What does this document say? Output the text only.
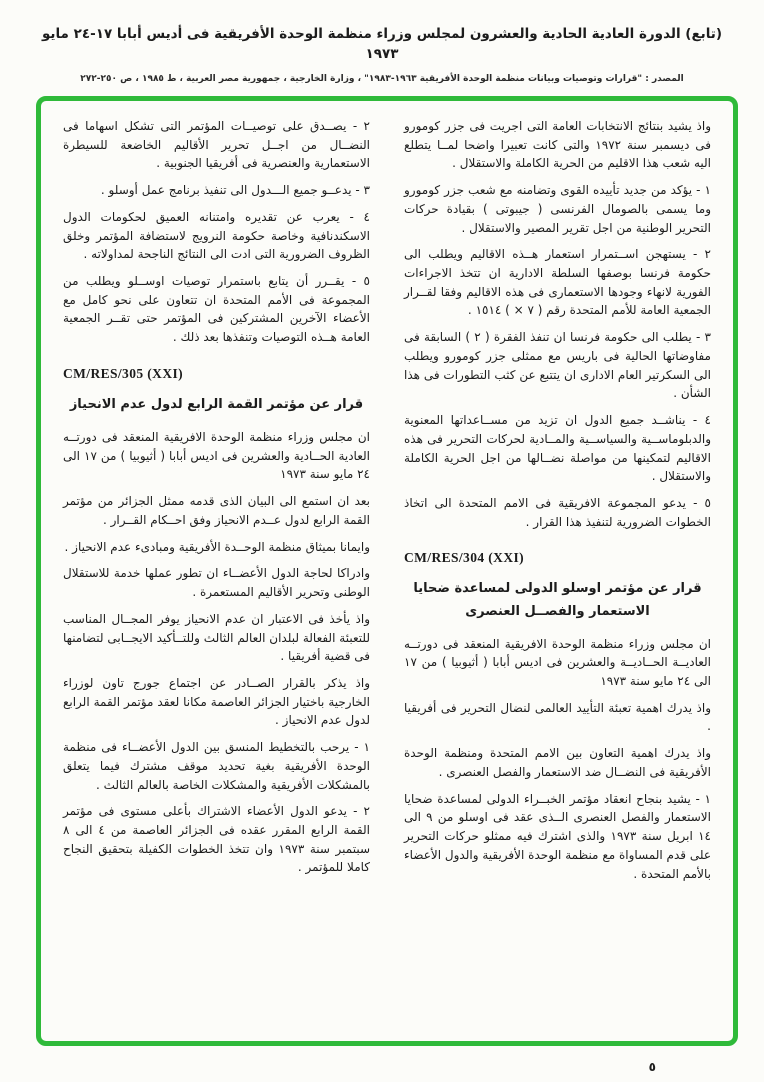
(تابع) الدورة العادية الحادية والعشرون لمجلس وزراء منظمة الوحدة الأفريقية فى أديس أبابا ١٧-٢٤ مايو ١٩٧٣
المصدر : "قرارات وتوصيات وبيانات منظمة الوحدة الأفريقية ١٩٦٣-١٩٨٣" ، وزارة الخارجية ، جمهورية مصر العربية ، ط ١٩٨٥ ، ص ٢٥٠-٢٧٢
واذ يشيد بنتائج الانتخابات العامة التى اجريت فى جزر كومورو فى ديسمبر سنة ١٩٧٢ والتى كانت تعبيرا واضحا لمــا يتطلع اليه شعب هذا الاقليم من الحرية الكاملة والاستقلال .
١ - يؤكد من جديد تأييده القوى وتضامنه مع شعب جزر كومورو وما يسمى بالصومال الفرنسى ( جيبوتى ) بقيادة حركات التحرير الوطنية من اجل تقرير المصير والاستقلال .
٢ - يستهجن اســتمرار استعمار هــذه الاقاليم ويطلب الى حكومة فرنسا بوصفها السلطة الادارية ان تتخذ الاجراءات الفورية لانهاء وجودها الاستعمارى فى هذه الاقاليم وفقا لقــرار الجمعية العامة للأمم المتحدة رقم ( ٧ × ) ١٥١٤ .
٣ - يطلب الى حكومة فرنسا ان تنفذ الفقرة ( ٢ ) السابقة فى مفاوضاتها الحالية فى باريس مع ممثلى جزر كومورو ويطلب الى السكرتير العام الادارى ان يتتبع عن كثب التطورات فى هذا الشأن .
٤ - يناشــد جميع الدول ان تزيد من مســاعداتها المعنوية والدبلوماســية والسياســية والمــادية لحركات التحرير فى هذه الاقاليم لتمكينها من مواصلة نضــالها من اجل الحرية الكاملة والاستقلال .
٥ - يدعو المجموعة الافريقية فى الامم المتحدة الى اتخاذ الخطوات الضرورية لتنفيذ هذا القرار .
CM/RES/304 (XXI)
قرار عن مؤتمر اوسلو الدولى لمساعدة ضحايا الاستعمار والفصــل العنصرى
ان مجلس وزراء منظمة الوحدة الافريقية المنعقد فى دورتــه العاديــة الحــاديــة والعشرين فى اديس أبابا ( أثيوبيا ) من ١٧ الى ٢٤ مايو سنة ١٩٧٣
واذ يدرك اهمية تعبئة التأييد العالمى لنضال التحرير فى أفريقيا .
واذ يدرك اهمية التعاون بين الامم المتحدة ومنظمة الوحدة الأفريقية فى النضــال ضد الاستعمار والفصل العنصرى .
١ - يشيد بنجاح انعقاد مؤتمر الخبــراء الدولى لمساعدة ضحايا الاستعمار والفصل العنصرى الــذى عقد فى اوسلو من ٩ الى ١٤ ابريل سنة ١٩٧٣ والذى اشترك فيه ممثلو حركات التحرير على قدم المساواة مع منظمة الوحدة الأفريقية والدول الأعضاء بالأمم المتحدة .
٢ - يصــدق على توصيــات المؤتمر التى تشكل اسهاما فى النضــال من اجــل تحرير الأقاليم الخاضعة للسيطرة الاستعمارية والعنصرية فى أفريقيا الجنوبية .
٣ - يدعــو جميع الـــدول الى تنفيذ برنامج عمل أوسلو .
٤ - يعرب عن تقديره وامتنانه العميق لحكومات الدول الاسكندنافية وخاصة حكومة النرويج لاستضافة المؤتمر وخلق الظروف الضرورية التى ادت الى النتائج الناجحة لمداولاته .
٥ - يقــرر أن يتابع باستمرار توصيات اوســلو ويطلب من المجموعة فى الأمم المتحدة ان تتعاون على نحو كامل مع الأعضاء الآخرين المشتركين فى المؤتمر حتى تقــر الجمعية العامة هــذه التوصيات وتنفذها بعد ذلك .
CM/RES/305 (XXI)
قرار عن مؤتمر القمة الرابع لدول عدم الانحياز
ان مجلس وزراء منظمة الوحدة الافريقية المنعقد فى دورتــه العادية الحــادية والعشرين فى اديس أبابا ( أثيوبيا ) من ١٧ الى ٢٤ مايو سنة ١٩٧٣
بعد ان استمع الى البيان الذى قدمه ممثل الجزائر من مؤتمر القمة الرابع لدول عــدم الانحياز وفق احــكام القــرار .
وايمانا بميثاق منظمة الوحــدة الأفريقية ومبادىء عدم الانحياز .
وادراكا لحاجة الدول الأعضــاء ان تطور عملها خدمة للاستقلال الوطنى وتحرير الأقاليم المستعمرة .
واذ يأخذ فى الاعتبار ان عدم الانحياز يوفر المجــال المناسب للتعبئة الفعالة لبلدان العالم الثالث وللتــأكيد الايجــابى لتضامنها فى قضية أفريقيا .
واذ يذكر بالقرار الصــادر عن اجتماع جورج تاون لوزراء الخارجية باختيار الجزائر العاصمة مكانا لعقد مؤتمر القمة الرابع لدول عدم الانحياز .
١ - يرحب بالتخطيط المنسق بين الدول الأعضــاء فى منظمة الوحدة الأفريقية بغية تحديد موقف مشترك فيما يتعلق بالمشكلات الأفريقية والمشكلات الخاصة بالعالم الثالث .
٢ - يدعو الدول الأعضاء الاشتراك بأعلى مستوى فى مؤتمر القمة الرابع المقرر عقده فى الجزائر العاصمة من ٤ الى ٨ سبتمبر سنة ١٩٧٣ وان تتخذ الخطوات الكفيلة بتحقيق النجاح كاملا للمؤتمر .
٥
